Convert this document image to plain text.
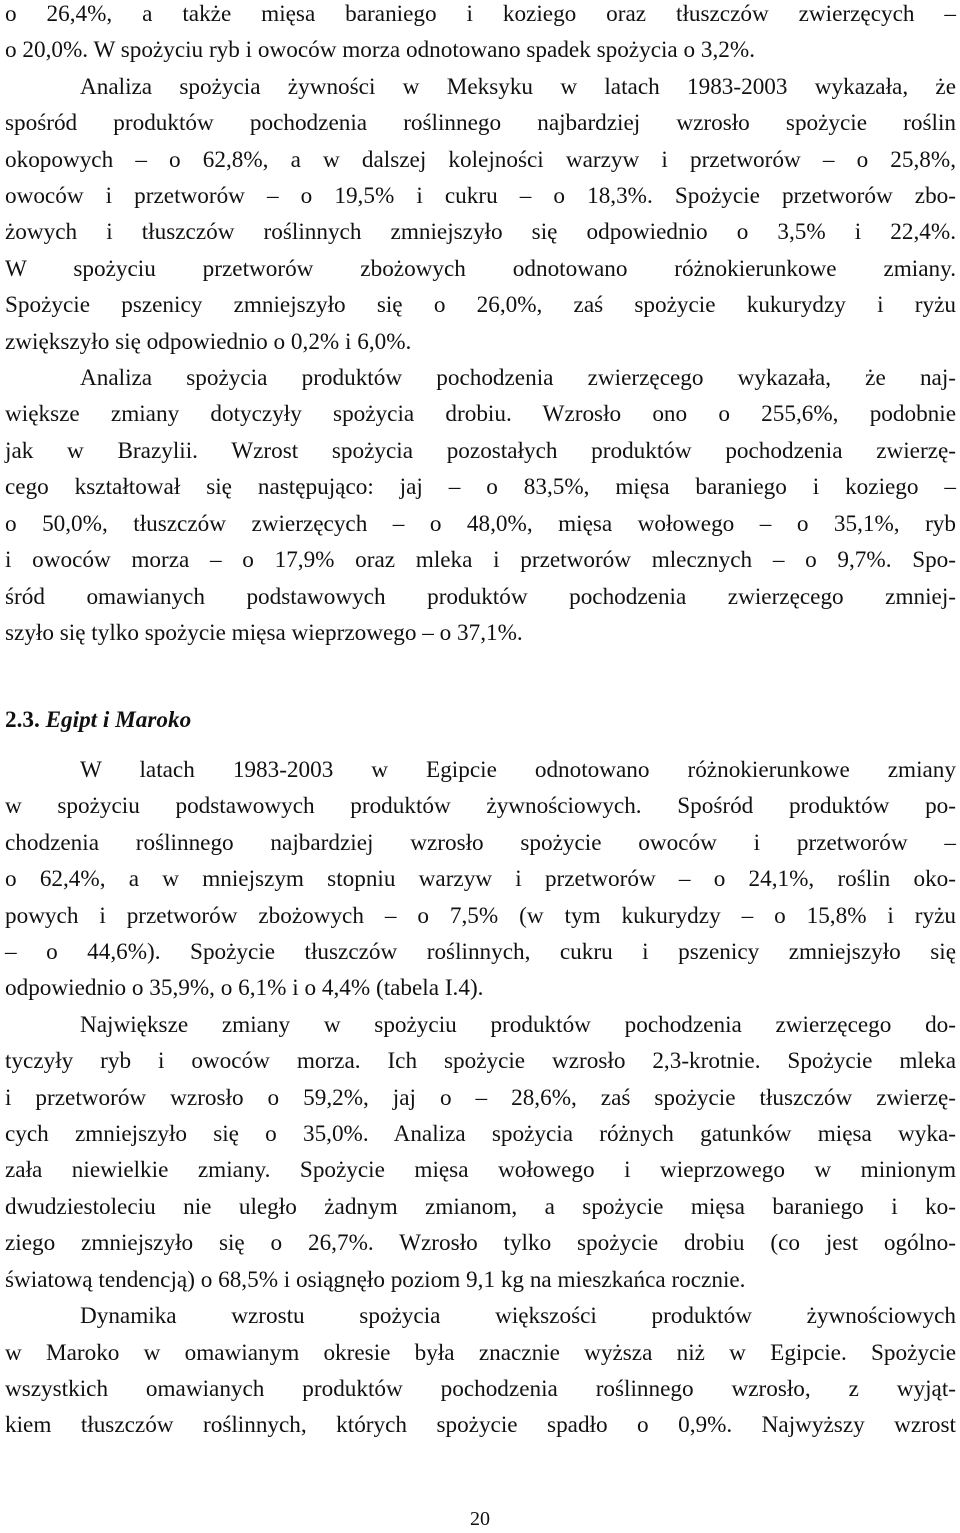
o 26,4%, a także mięsa baraniego i koziego oraz tłuszczów zwierzęcych –
o 20,0%. W spożyciu ryb i owoców morza odnotowano spadek spożycia o 3,2%.
Analiza spożycia żywności w Meksyku w latach 1983-2003 wykazała, że
spośród produktów pochodzenia roślinnego najbardziej wzrosło spożycie roślin
okopowych – o 62,8%, a w dalszej kolejności warzyw i przetworów – o 25,8%,
owoców i przetworów – o 19,5% i cukru – o 18,3%. Spożycie przetworów zbo-
żowych i tłuszczów roślinnych zmniejszyło się odpowiednio o 3,5% i 22,4%.
W spożyciu przetworów zbożowych odnotowano różnokierunkowe zmiany.
Spożycie pszenicy zmniejszyło się o 26,0%, zaś spożycie kukurydzy i ryżu
zwiększyło się odpowiednio o 0,2% i 6,0%.
Analiza spożycia produktów pochodzenia zwierzęcego wykazała, że naj-
większe zmiany dotyczyły spożycia drobiu. Wzrosło ono o 255,6%, podobnie
jak w Brazylii. Wzrost spożycia pozostałych produktów pochodzenia zwierzę-
cego kształtował się następująco: jaj – o 83,5%, mięsa baraniego i koziego –
o 50,0%, tłuszczów zwierzęcych – o 48,0%, mięsa wołowego – o 35,1%, ryb
i owoców morza – o 17,9% oraz mleka i przetworów mlecznych – o 9,7%. Spo-
śród omawianych podstawowych produktów pochodzenia zwierzęcego zmniej-
szyło się tylko spożycie mięsa wieprzowego – o 37,1%.
2.3. Egipt i Maroko
W latach 1983-2003 w Egipcie odnotowano różnokierunkowe zmiany
w spożyciu podstawowych produktów żywnościowych. Spośród produktów po-
chodzenia roślinnego najbardziej wzrosło spożycie owoców i przetworów –
o 62,4%, a w mniejszym stopniu warzyw i przetworów – o 24,1%, roślin oko-
powych i przetworów zbożowych – o 7,5% (w tym kukurydzy – o 15,8% i ryżu
– o 44,6%). Spożycie tłuszczów roślinnych, cukru i pszenicy zmniejszyło się
odpowiednio o 35,9%, o 6,1% i o 4,4% (tabela I.4).
Największe zmiany w spożyciu produktów pochodzenia zwierzęcego do-
tyczyły ryb i owoców morza. Ich spożycie wzrosło 2,3-krotnie. Spożycie mleka
i przetworów wzrosło o 59,2%, jaj o – 28,6%, zaś spożycie tłuszczów zwierzę-
cych zmniejszyło się o 35,0%. Analiza spożycia różnych gatunków mięsa wyka-
zała niewielkie zmiany. Spożycie mięsa wołowego i wieprzowego w minionym
dwudziestoleciu nie uległo żadnym zmianom, a spożycie mięsa baraniego i ko-
ziego zmniejszyło się o 26,7%. Wzrosło tylko spożycie drobiu (co jest ogólno-
światową tendencją) o 68,5% i osiągnęło poziom 9,1 kg na mieszkańca rocznie.
Dynamika wzrostu spożycia większości produktów żywnościowych
w Maroko w omawianym okresie była znacznie wyższa niż w Egipcie. Spożycie
wszystkich omawianych produktów pochodzenia roślinnego wzrosło, z wyjąt-
kiem tłuszczów roślinnych, których spożycie spadło o 0,9%. Najwyższy wzrost
20
